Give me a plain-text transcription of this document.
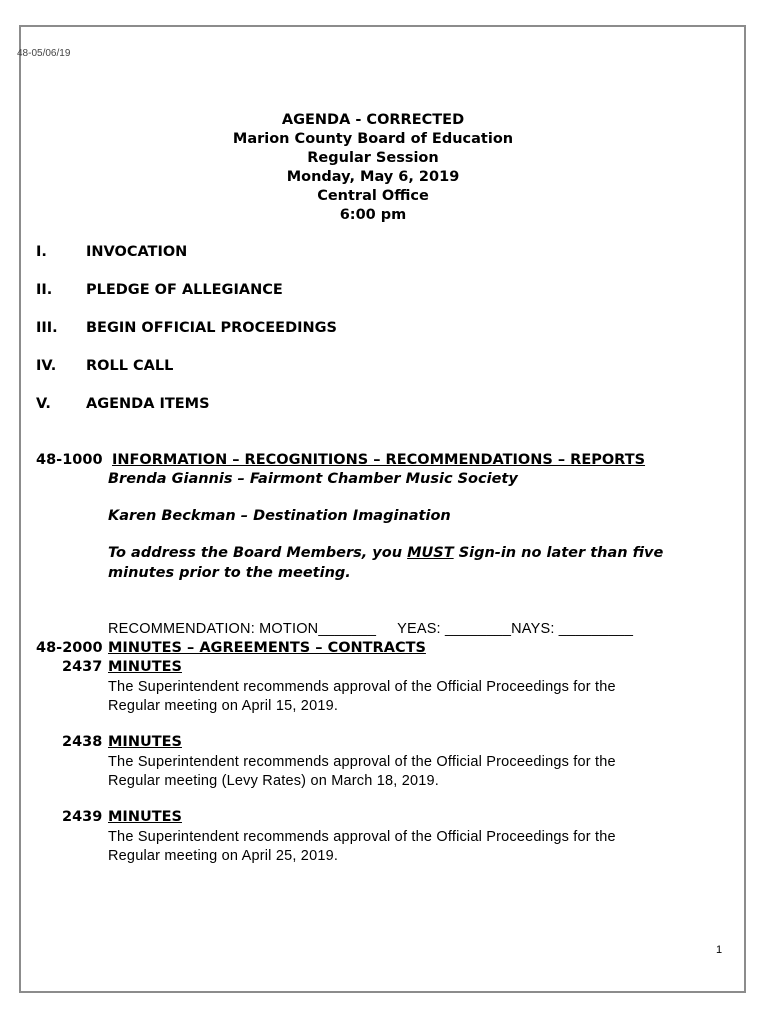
48-05/06/19
AGENDA - CORRECTED
Marion County Board of Education
Regular Session
Monday, May 6, 2019
Central Office
6:00 pm
I.	INVOCATION
II. PLEDGE OF ALLEGIANCE
III. BEGIN OFFICIAL PROCEEDINGS
IV. ROLL CALL
V. AGENDA ITEMS
48-1000 INFORMATION – RECOGNITIONS – RECOMMENDATIONS – REPORTS
Brenda Giannis – Fairmont Chamber Music Society
Karen Beckman – Destination Imagination
To address the Board Members, you MUST Sign-in no later than five
minutes prior to the meeting.
RECOMMENDATION: MOTION_______     YEAS: ________NAYS: _________
48-2000 MINUTES – AGREEMENTS – CONTRACTS
2437 MINUTES
The Superintendent recommends approval of the Official Proceedings for the
Regular meeting on April 15, 2019.
2438 MINUTES
The Superintendent recommends approval of the Official Proceedings for the
Regular meeting (Levy Rates) on March 18, 2019.
2439 MINUTES
The Superintendent recommends approval of the Official Proceedings for the
Regular meeting on April 25, 2019.
1
